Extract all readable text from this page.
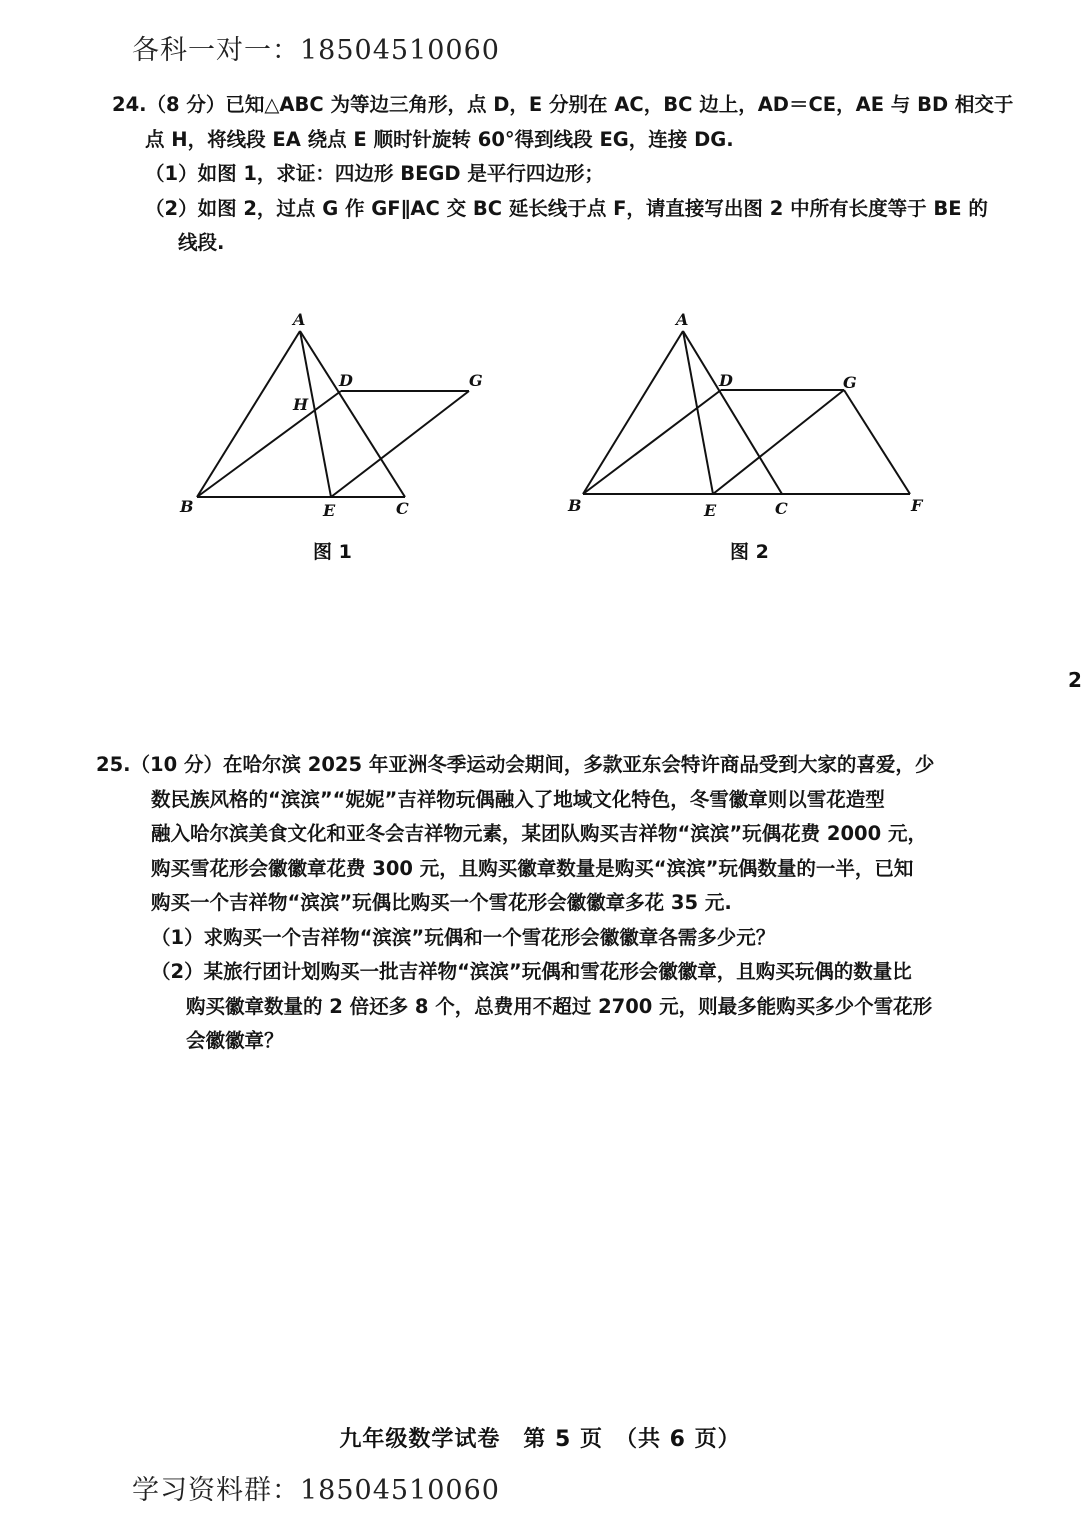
各科一对一：18504510060
24.（8 分）已知△ABC 为等边三角形，点 D，E 分别在 AC，BC 边上，AD＝CE，AE 与 BD 相交于
点 H，将线段 EA 绕点 E 顺时针旋转 60°得到线段 EG，连接 DG.
（1）如图 1，求证：四边形 BEGD 是平行四边形；
（2）如图 2，过点 G 作 GF∥AC 交 BC 延长线于点 F，请直接写出图 2 中所有长度等于 BE 的
线段.
A
B	C
D
E
G
H
图 1
A
B	C
D
E
G
F
图 2
2
25.（10 分）在哈尔滨 2025 年亚洲冬季运动会期间，多款亚东会特许商品受到大家的喜爱，少
数民族风格的“滨滨”“妮妮”吉祥物玩偶融入了地域文化特色，冬雪徽章则以雪花造型
融入哈尔滨美食文化和亚冬会吉祥物元素，某团队购买吉祥物“滨滨”玩偶花费 2000 元，
购买雪花形会徽徽章花费 300 元，且购买徽章数量是购买“滨滨”玩偶数量的一半，已知
购买一个吉祥物“滨滨”玩偶比购买一个雪花形会徽徽章多花 35 元.
（1）求购买一个吉祥物“滨滨”玩偶和一个雪花形会徽徽章各需多少元？
（2）某旅行团计划购买一批吉祥物“滨滨”玩偶和雪花形会徽徽章，且购买玩偶的数量比
购买徽章数量的 2 倍还多 8 个，总费用不超过 2700 元，则最多能购买多少个雪花形
会徽徽章？
九年级数学试卷　第 5 页　（共 6 页）
学习资料群：18504510060
